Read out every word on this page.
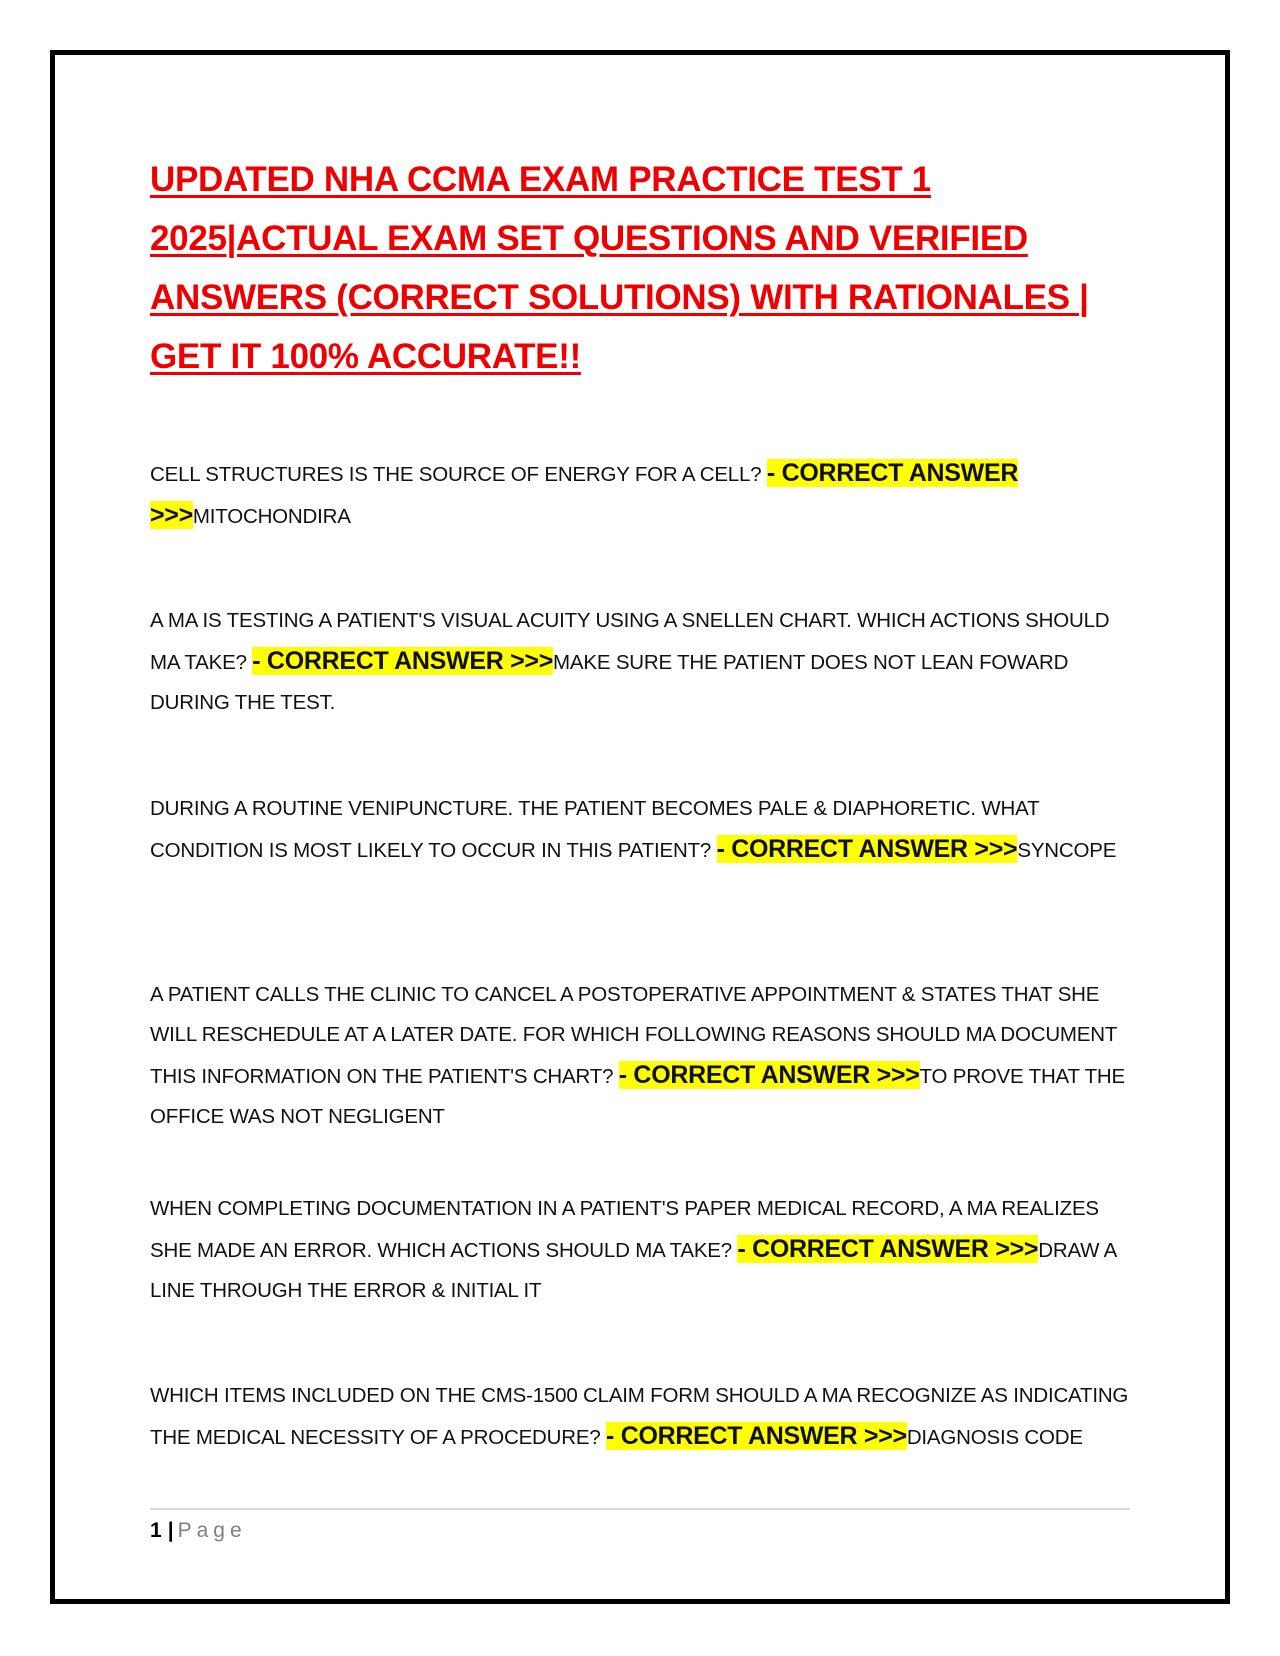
UPDATED NHA CCMA EXAM PRACTICE TEST 1 2025|ACTUAL EXAM SET QUESTIONS AND VERIFIED ANSWERS (CORRECT SOLUTIONS) WITH RATIONALES | GET IT 100% ACCURATE!!

CELL STRUCTURES IS THE SOURCE OF ENERGY FOR A CELL? - CORRECT ANSWER >>>MITOCHONDIRA

A MA IS TESTING A PATIENT'S VISUAL ACUITY USING A SNELLEN CHART. WHICH ACTIONS SHOULD MA TAKE? - CORRECT ANSWER >>>MAKE SURE THE PATIENT DOES NOT LEAN FOWARD DURING THE TEST.

DURING A ROUTINE VENIPUNCTURE. THE PATIENT BECOMES PALE & DIAPHORETIC. WHAT CONDITION IS MOST LIKELY TO OCCUR IN THIS PATIENT? - CORRECT ANSWER >>>SYNCOPE

A PATIENT CALLS THE CLINIC TO CANCEL A POSTOPERATIVE APPOINTMENT & STATES THAT SHE WILL RESCHEDULE AT A LATER DATE. FOR WHICH FOLLOWING REASONS SHOULD MA DOCUMENT THIS INFORMATION ON THE PATIENT'S CHART? - CORRECT ANSWER >>>TO PROVE THAT THE OFFICE WAS NOT NEGLIGENT

WHEN COMPLETING DOCUMENTATION IN A PATIENT'S PAPER MEDICAL RECORD, A MA REALIZES SHE MADE AN ERROR. WHICH ACTIONS SHOULD MA TAKE? - CORRECT ANSWER >>>DRAW A LINE THROUGH THE ERROR & INITIAL IT

WHICH ITEMS INCLUDED ON THE CMS-1500 CLAIM FORM SHOULD A MA RECOGNIZE AS INDICATING THE MEDICAL NECESSITY OF A PROCEDURE? - CORRECT ANSWER >>>DIAGNOSIS CODE

1 | Page
